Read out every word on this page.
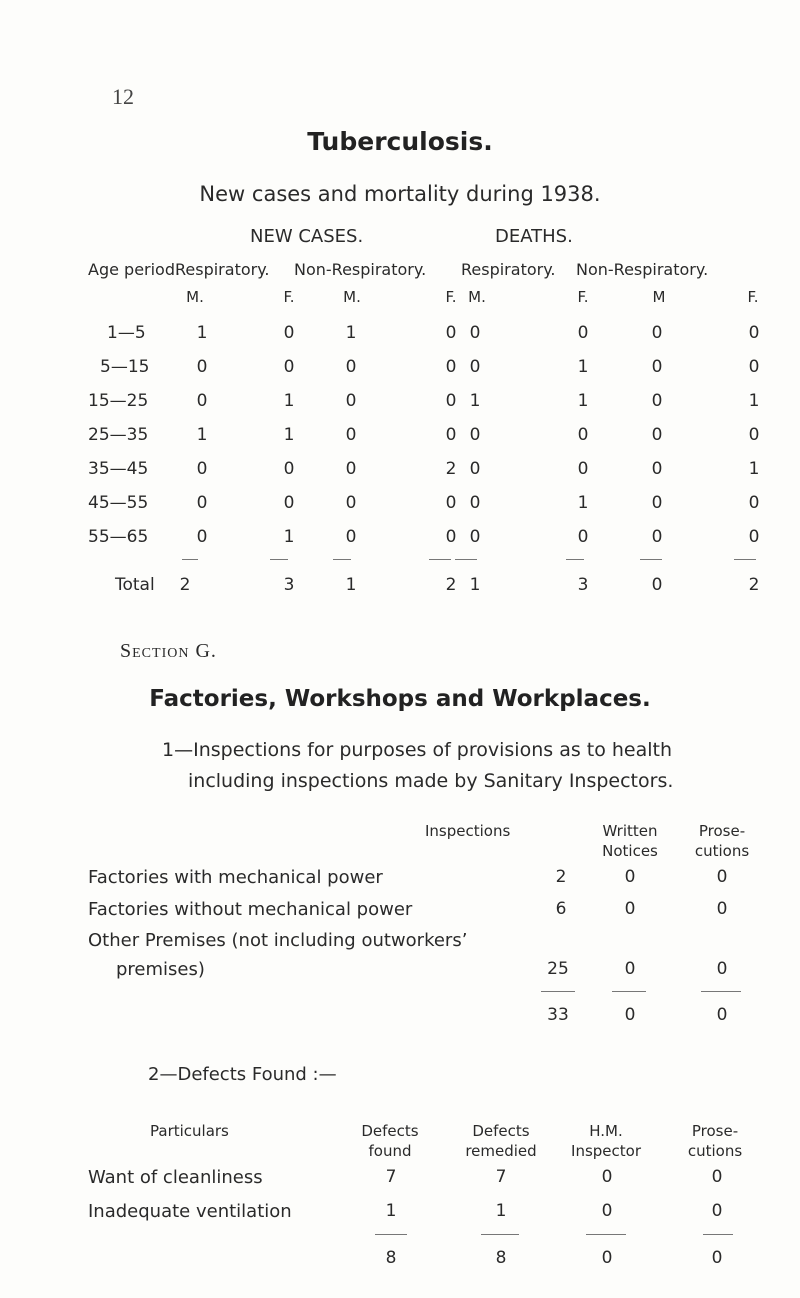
12
Tuberculosis.
New cases and mortality during 1938.
NEW CASES.	DEATHS.
Age period.
Respiratory. Non-Respiratory. Respiratory. Non-Respiratory.
M.	F.	M.	F. M.	F.	M	F.
1—5	1	0	1	0 0	0	0	0
5—15	0	0	0	0 0	1	0	0
15—25	0	1	0	0 1	1	0	1
25—35	1	1	0	0 0	0	0	0
35—45	0	0	0	2 0	0	0	1
45—55	0	0	0	0 0	1	0	0
55—65	0	1	0	0 0	0	0	0
Total 2	3	1	2 1	3	0	2
Section G.
Factories, Workshops and Workplaces.
1—Inspections for purposes of provisions as to health
including inspections made by Sanitary Inspectors.
Inspections	Written
Notices
Prose-
cutions
Factories with mechanical power	2	0	0
Factories without mechanical power	6	0	0
Other Premises (not including outworkers’
premises)	25	0	0
33	0	0
2—Defects Found :—
Particulars	Defects
found
Defects
remedied
H.M.
Inspector
Prose-
cutions
Want of cleanliness	7	7	0	0
Inadequate ventilation	1	1	0	0
8	8	0	0
